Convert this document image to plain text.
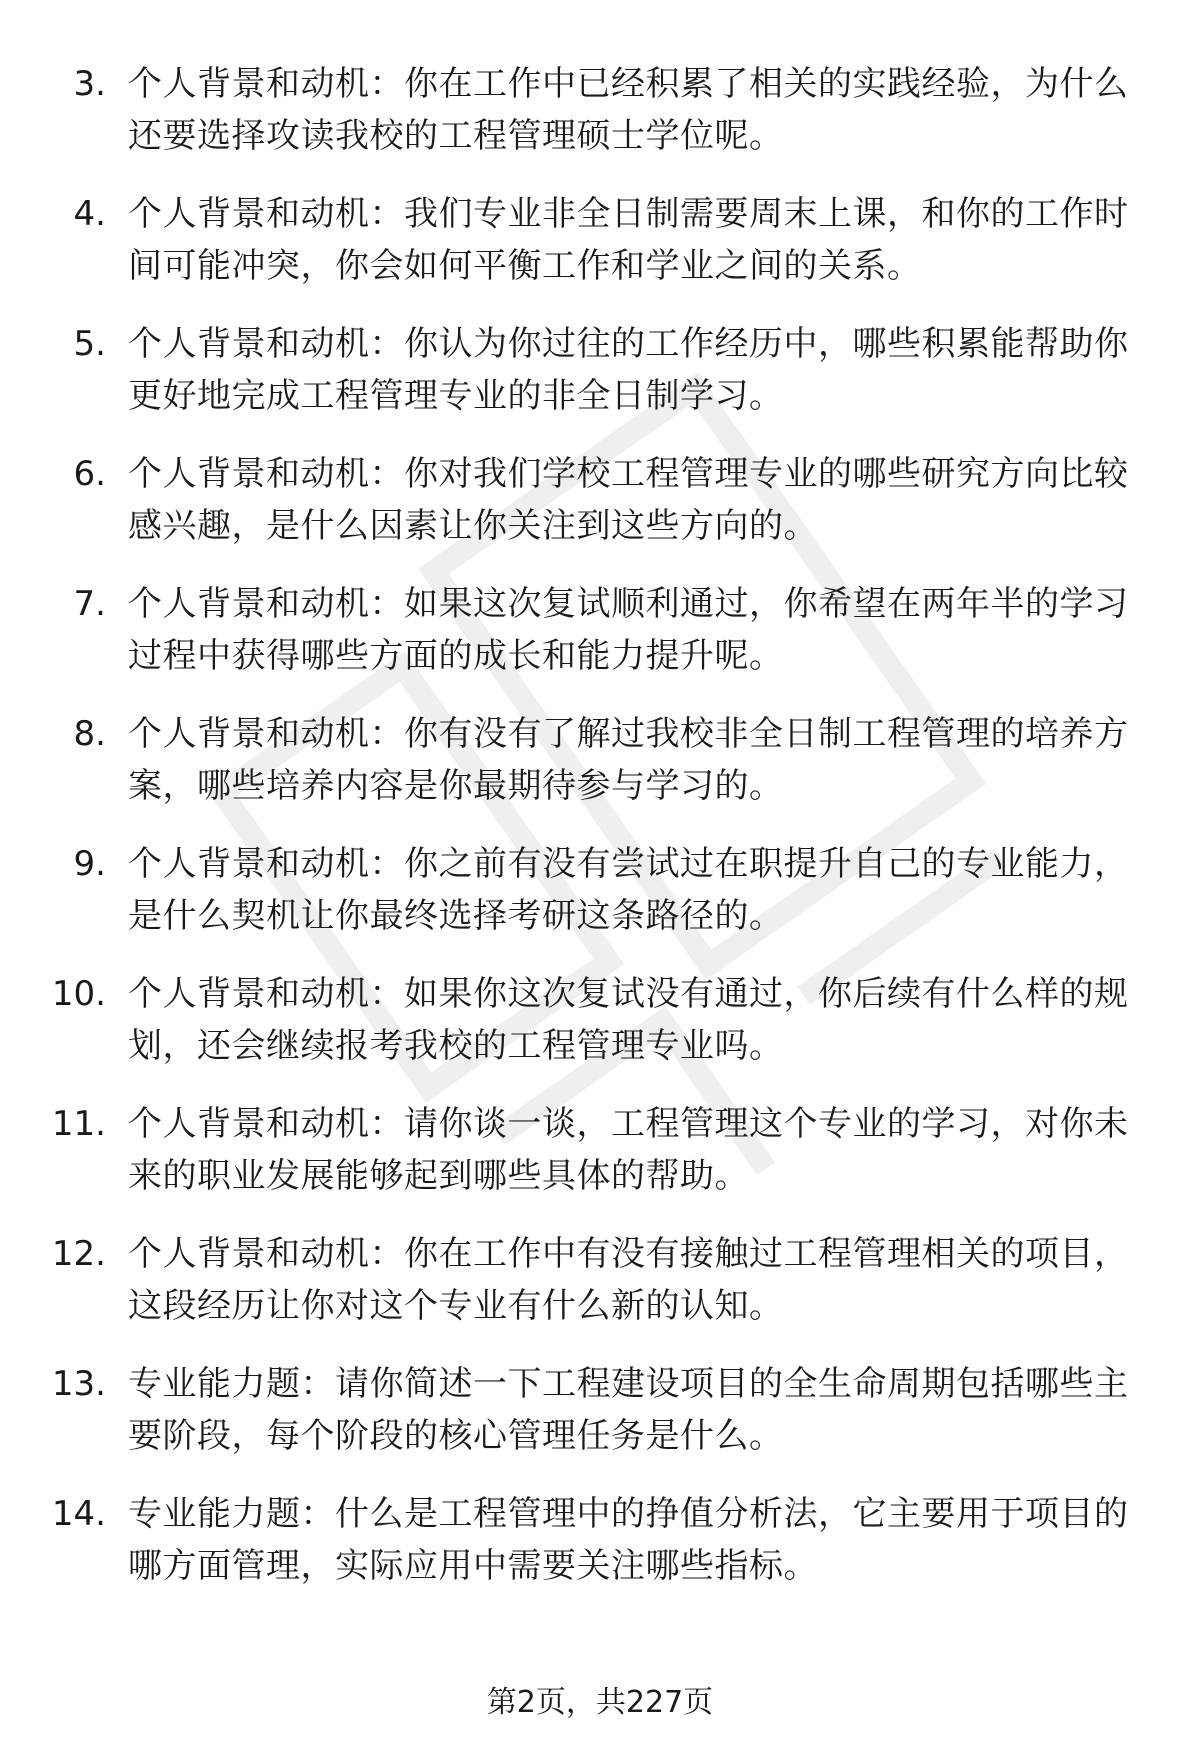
3. 个人背景和动机：你在工作中已经积累了相关的实践经验，为什么还要选择攻读我校的工程管理硕士学位呢。
4. 个人背景和动机：我们专业非全日制需要周末上课，和你的工作时间可能冲突，你会如何平衡工作和学业之间的关系。
5. 个人背景和动机：你认为你过往的工作经历中，哪些积累能帮助你更好地完成工程管理专业的非全日制学习。
6. 个人背景和动机：你对我们学校工程管理专业的哪些研究方向比较感兴趣，是什么因素让你关注到这些方向的。
7. 个人背景和动机：如果这次复试顺利通过，你希望在两年半的学习过程中获得哪些方面的成长和能力提升呢。
8. 个人背景和动机：你有没有了解过我校非全日制工程管理的培养方案，哪些培养内容是你最期待参与学习的。
9. 个人背景和动机：你之前有没有尝试过在职提升自己的专业能力，是什么契机让你最终选择考研这条路径的。
10. 个人背景和动机：如果你这次复试没有通过，你后续有什么样的规划，还会继续报考我校的工程管理专业吗。
11. 个人背景和动机：请你谈一谈，工程管理这个专业的学习，对你未来的职业发展能够起到哪些具体的帮助。
12. 个人背景和动机：你在工作中有没有接触过工程管理相关的项目，这段经历让你对这个专业有什么新的认知。
13. 专业能力题：请你简述一下工程建设项目的全生命周期包括哪些主要阶段，每个阶段的核心管理任务是什么。
14. 专业能力题：什么是工程管理中的挣值分析法，它主要用于项目的哪方面管理，实际应用中需要关注哪些指标。
第2页，共227页
